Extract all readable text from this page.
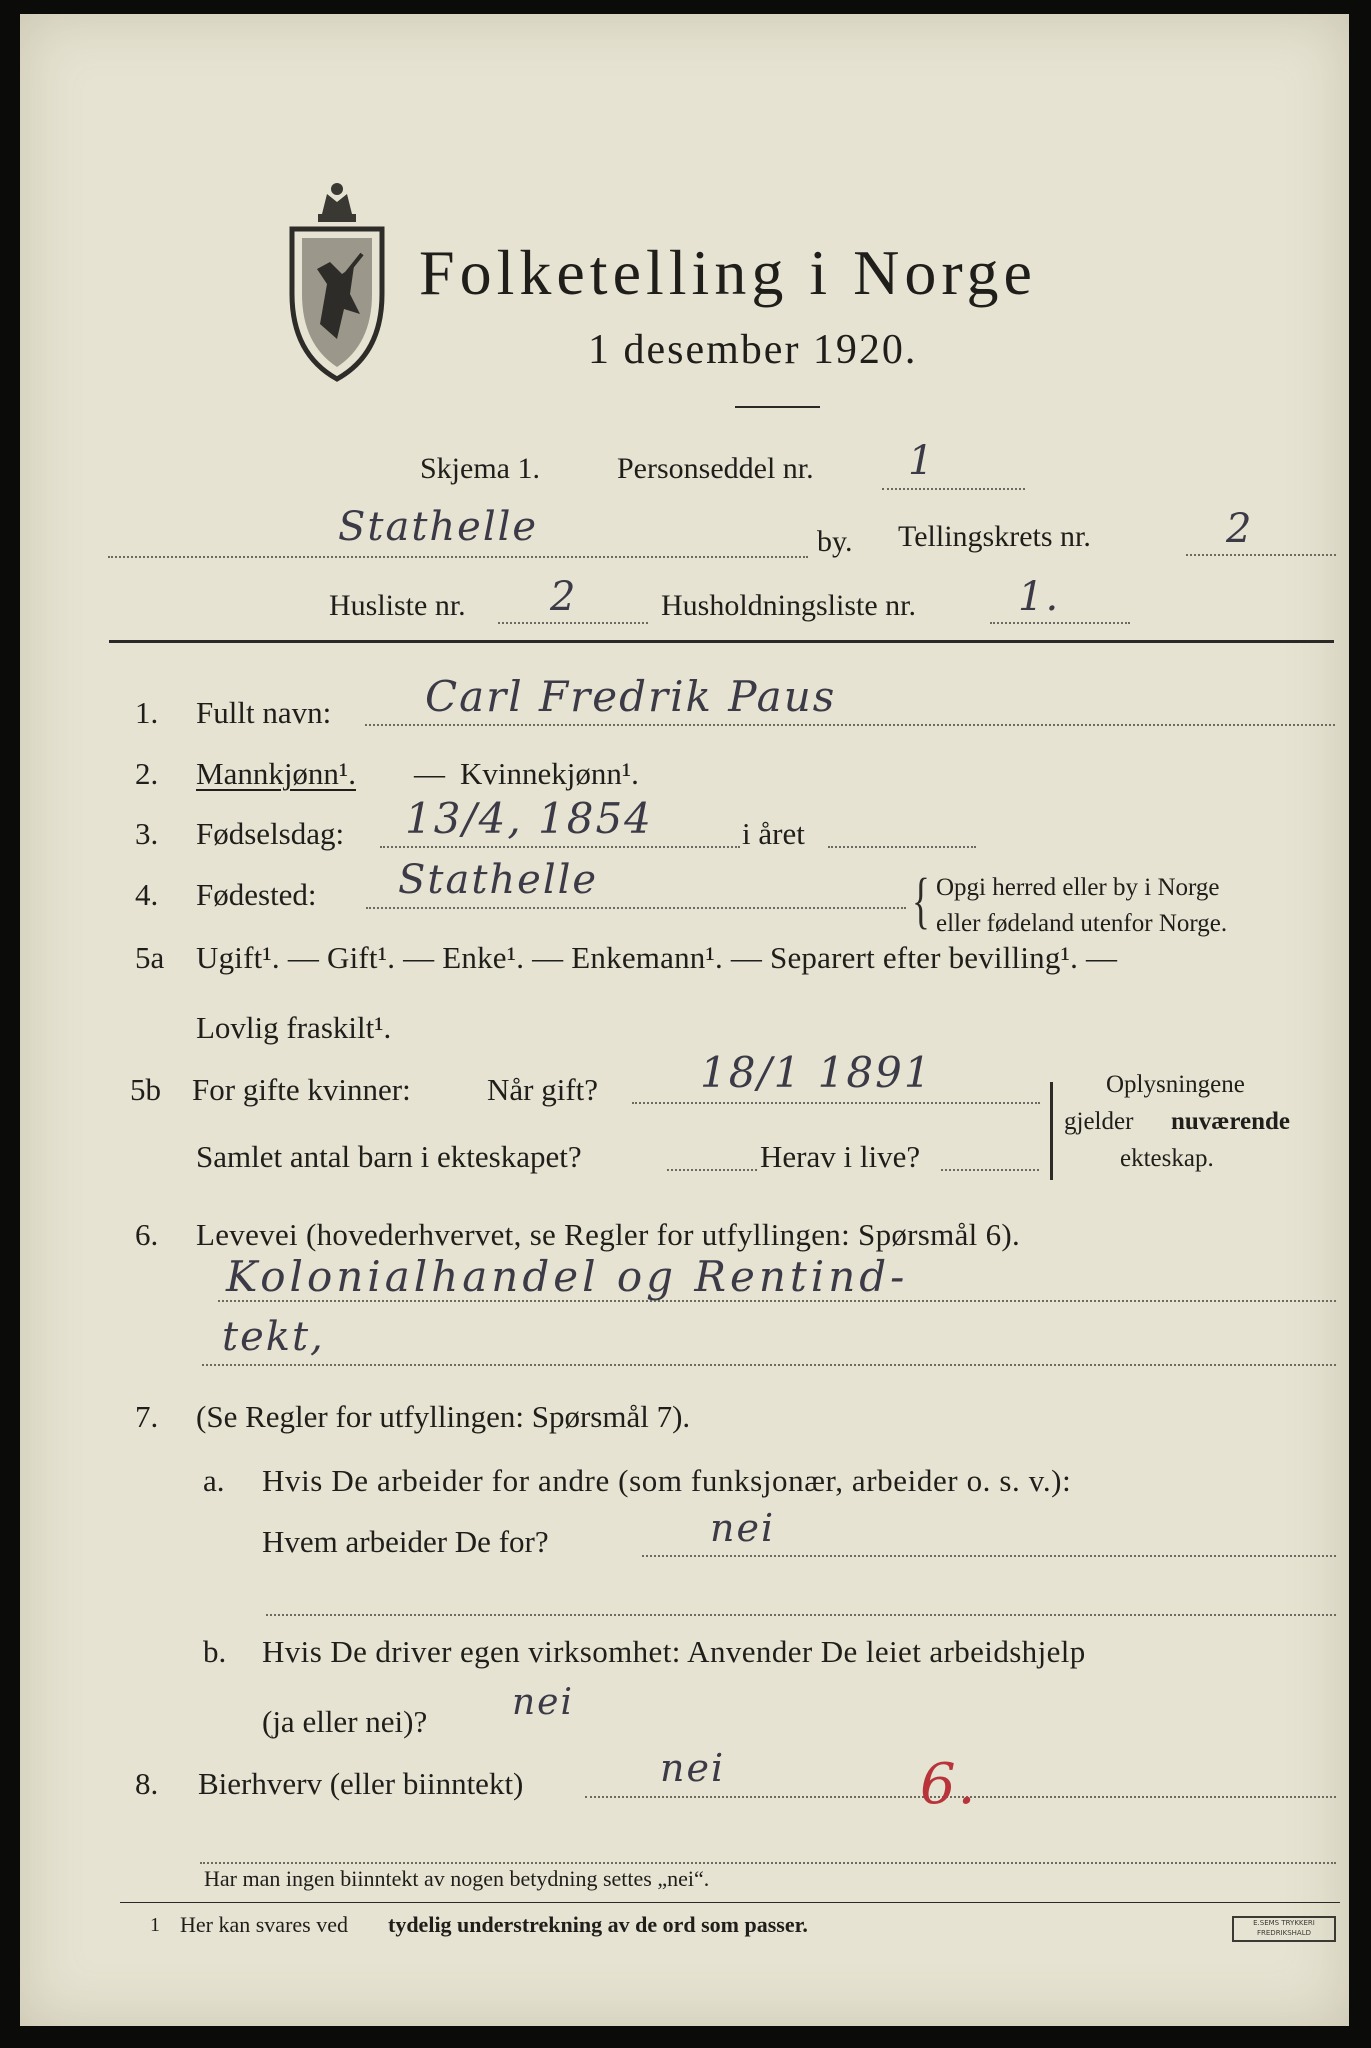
Folketelling i Norge
1 desember 1920.
Skjema 1.	Personseddel nr. 1
Stathelle	by. Tellingskrets nr.	2
Husliste nr. 2	Husholdningsliste nr.	1.
1. Fullt navn: Carl Fredrik Paus
2. Mannkjønn¹. — Kvinnekjønn¹.
3. Fødselsdag: 13/4, 1854	i året
4. Fødested: Stathelle	{ Opgi herred eller by i Norge
eller fødeland utenfor Norge.
5a Ugift¹. — Gift¹. — Enke¹. — Enkemann¹. — Separert efter bevilling¹. —
Lovlig fraskilt¹.
5b For gifte kvinner: Når gift? 18/1 1891
Samlet antal barn i ekteskapet?	Herav i live?
Oplysningene
gjelder nuværende
ekteskap.
6. Levevei (hovederhvervet, se Regler for utfyllingen: Spørsmål 6).
Kolonialhandel og Rentind-
tekt,
7. (Se Regler for utfyllingen: Spørsmål 7).
a. Hvis De arbeider for andre (som funksjonær, arbeider o. s. v.):
Hvem arbeider De for?	nei
b. Hvis De driver egen virksomhet: Anvender De leiet arbeidshjelp
(ja eller nei)? nei
8. Bierhverv (eller biinntekt)	nei	6.
Har man ingen biinntekt av nogen betydning settes „nei“.
1 Her kan svares ved tydelig understrekning av de ord som passer.	E.SEMS TRYKKERI
FREDRIKSHALD
